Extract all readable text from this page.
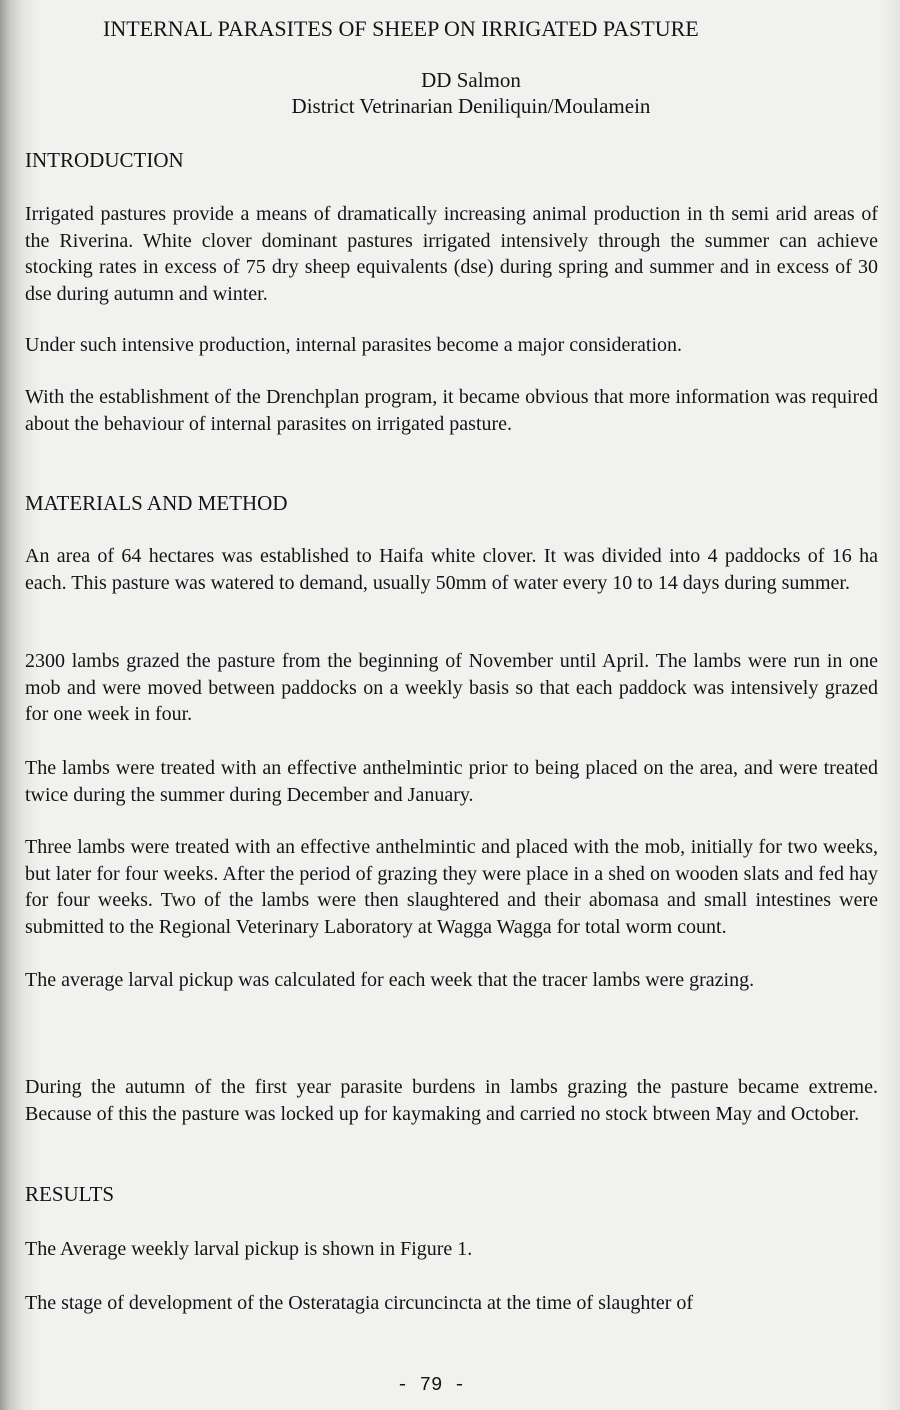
INTERNAL PARASITES OF SHEEP ON IRRIGATED PASTURE
DD Salmon
District Vetrinarian Deniliquin/Moulamein
INTRODUCTION
Irrigated pastures provide a means of dramatically increasing animal production in th semi arid areas of the Riverina. White clover dominant pastures irrigated intensively through the summer can achieve stocking rates in excess of 75 dry sheep equivalents (dse) during spring and summer and in excess of 30 dse during autumn and winter.
Under such intensive production, internal parasites become a major consideration.
With the establishment of the Drenchplan program, it became obvious that more information was required about the behaviour of internal parasites on irrigated pasture.
MATERIALS AND METHOD
An area of 64 hectares was established to Haifa white clover. It was divided into 4 paddocks of 16 ha each. This pasture was watered to demand, usually 50mm of water every 10 to 14 days during summer.
2300 lambs grazed the pasture from the beginning of November until April. The lambs were run in one mob and were moved between paddocks on a weekly basis so that each paddock was intensively grazed for one week in four.
The lambs were treated with an effective anthelmintic prior to being placed on the area, and were treated twice during the summer during December and January.
Three lambs were treated with an effective anthelmintic and placed with the mob, initially for two weeks, but later for four weeks. After the period of grazing they were place in a shed on wooden slats and fed hay for four weeks. Two of the lambs were then slaughtered and their abomasa and small intestines were submitted to the Regional Veterinary Laboratory at Wagga Wagga for total worm count.
The average larval pickup was calculated for each week that the tracer lambs were grazing.
During the autumn of the first year parasite burdens in lambs grazing the pasture became extreme. Because of this the pasture was locked up for kaymaking and carried no stock btween May and October.
RESULTS
The Average weekly larval pickup is shown in Figure 1.
The stage of development of the Osteratagia circuncincta at the time of slaughter of
- 79 -
